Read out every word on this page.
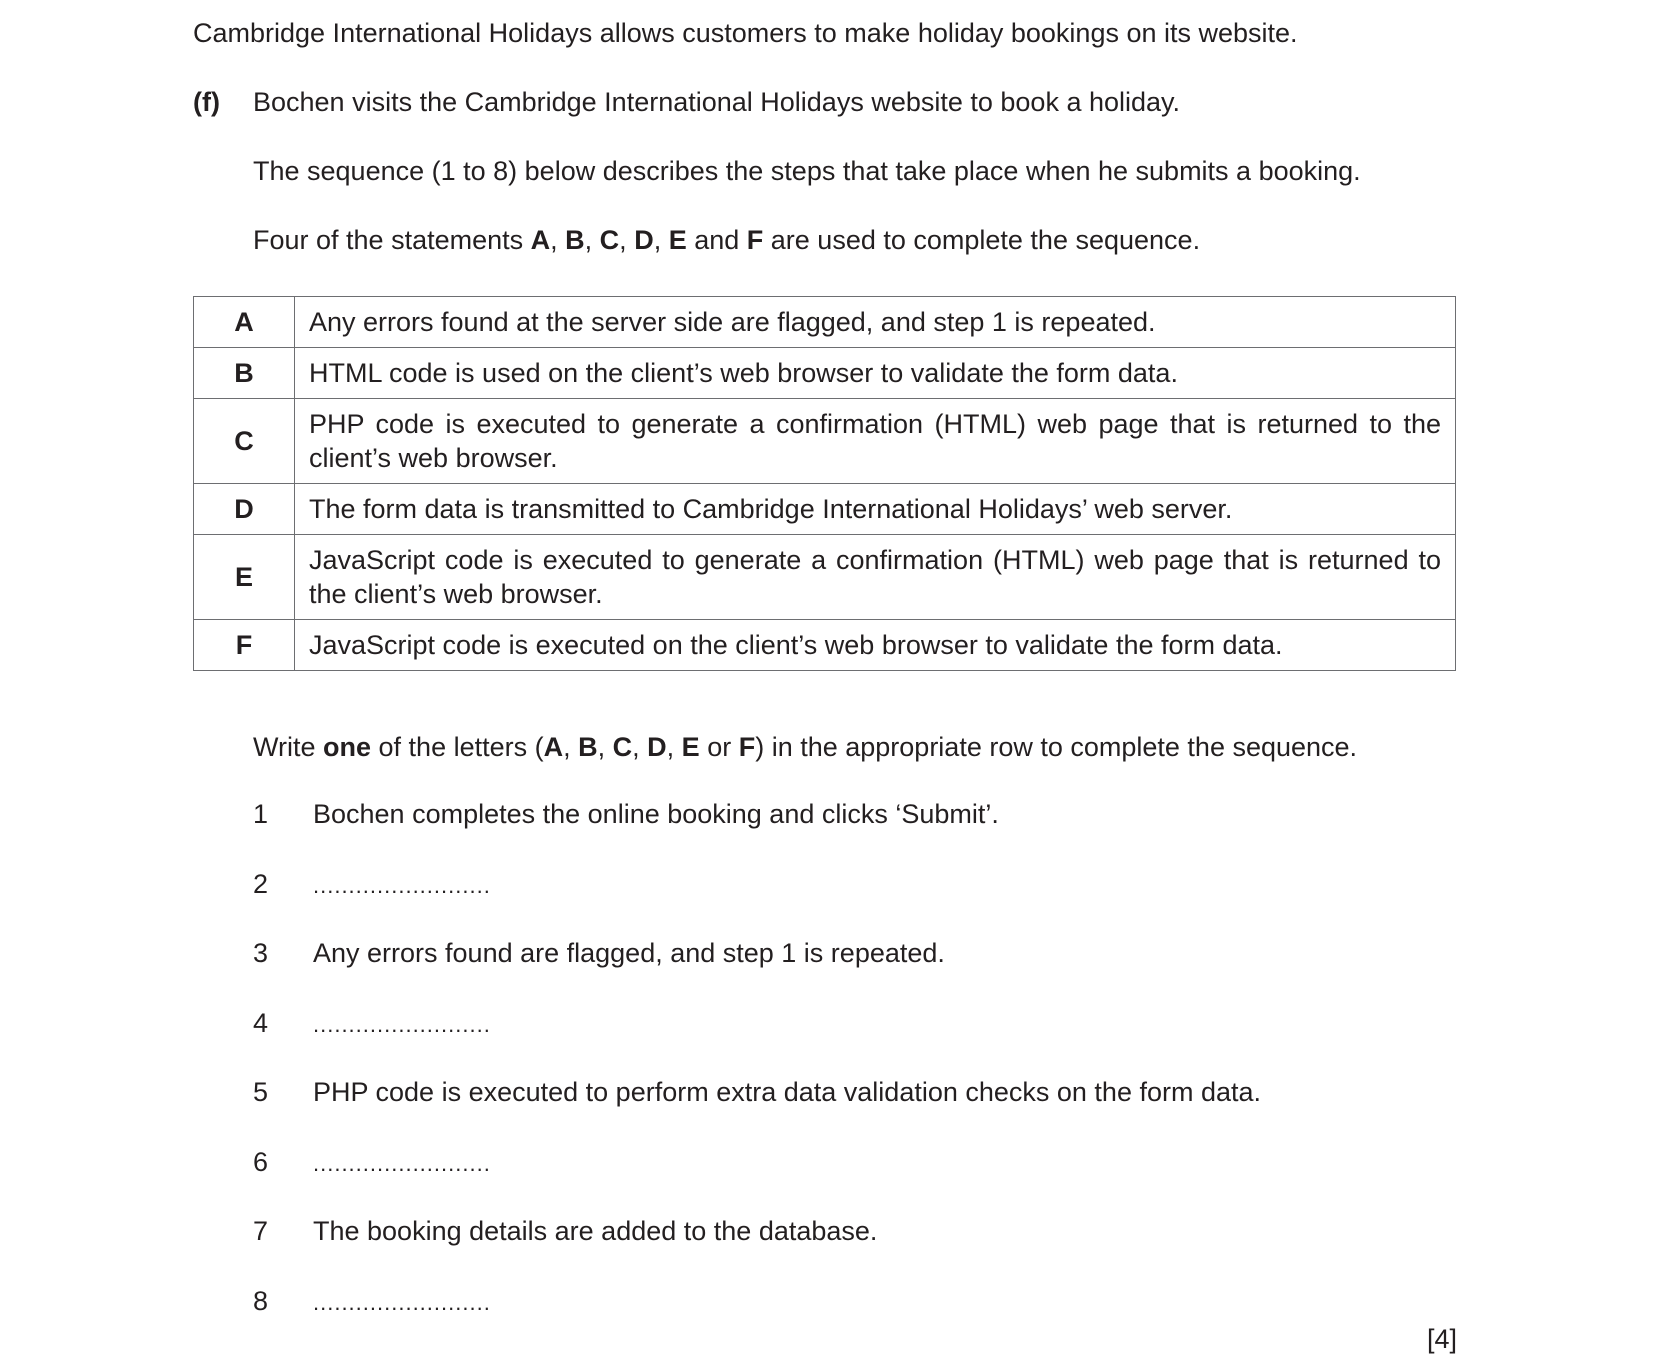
Cambridge International Holidays allows customers to make holiday bookings on its website.
(f) Bochen visits the Cambridge International Holidays website to book a holiday.
The sequence (1 to 8) below describes the steps that take place when he submits a booking.
Four of the statements A, B, C, D, E and F are used to complete the sequence.
A	Any errors found at the server side are flagged, and step 1 is repeated.
B	HTML code is used on the client’s web browser to validate the form data.
C	PHP code is executed to generate a confirmation (HTML) web page that is returned to the client’s web browser.
D	The form data is transmitted to Cambridge International Holidays’ web server.
E	JavaScript code is executed to generate a confirmation (HTML) web page that is returned to the client’s web browser.
F	JavaScript code is executed on the client’s web browser to validate the form data.
Write one of the letters (A, B, C, D, E or F) in the appropriate row to complete the sequence.
1 Bochen completes the online booking and clicks ‘Submit’.
2 .........................
3 Any errors found are flagged, and step 1 is repeated.
4 .........................
5 PHP code is executed to perform extra data validation checks on the form data.
6 .........................
7 The booking details are added to the database.
8 .........................
[4]
